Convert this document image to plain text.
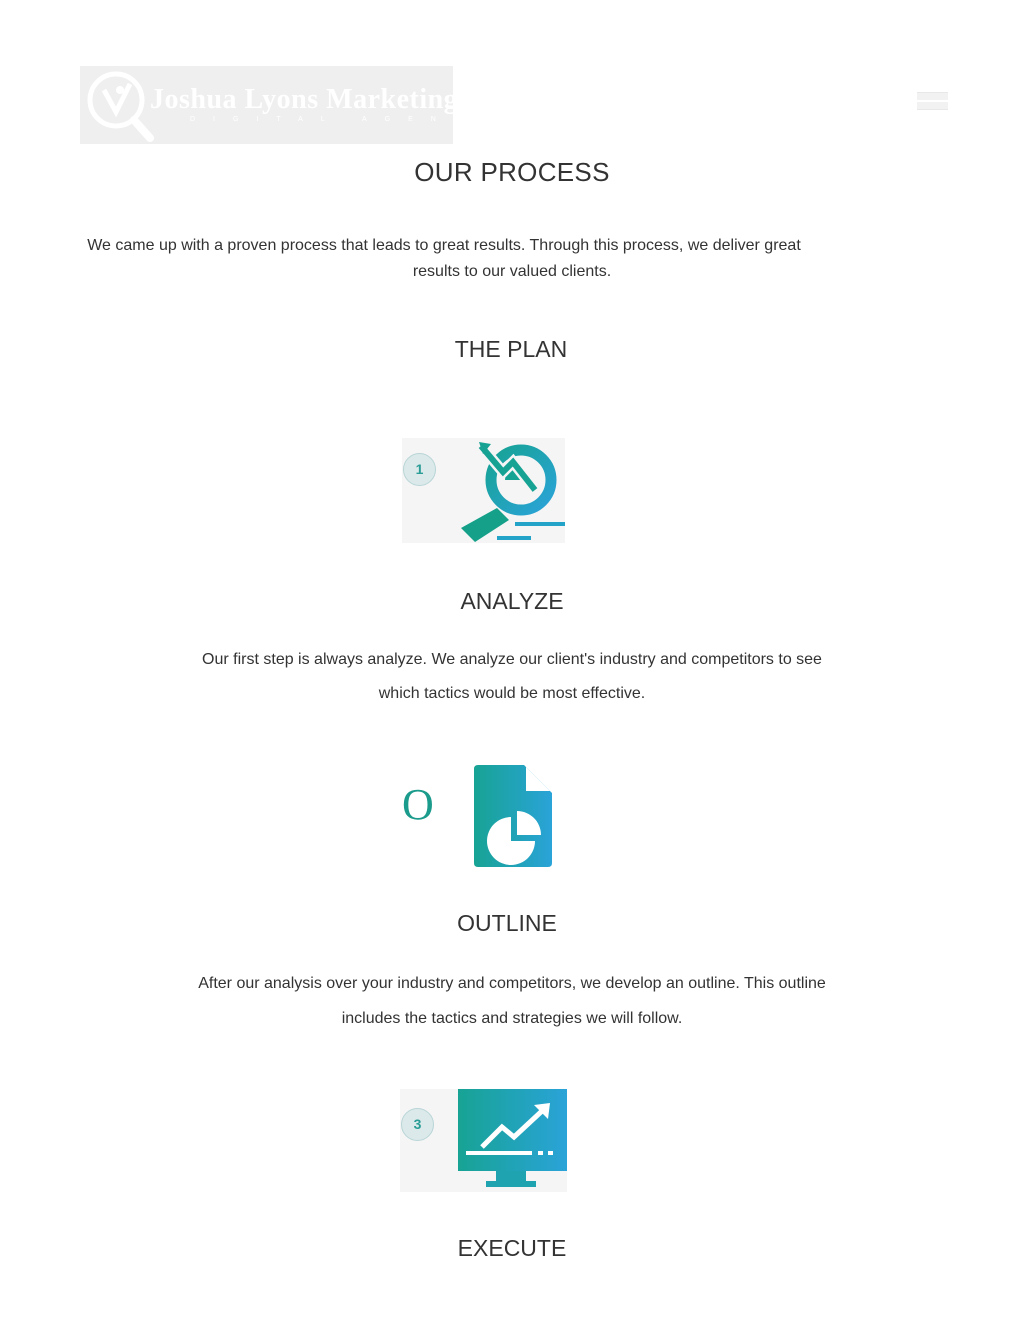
Joshua Lyons Marketing
DIGITAL AGENCY
OUR PROCESS
We came up with a proven process that leads to great results. Through this process, we deliver great
results to our valued clients.
THE PLAN
1
ANALYZE
Our first step is always analyze. We analyze our client's industry and competitors to see
which tactics would be most effective.
O
OUTLINE
After our analysis over your industry and competitors, we develop an outline. This outline
includes the tactics and strategies we will follow.
3
EXECUTE
